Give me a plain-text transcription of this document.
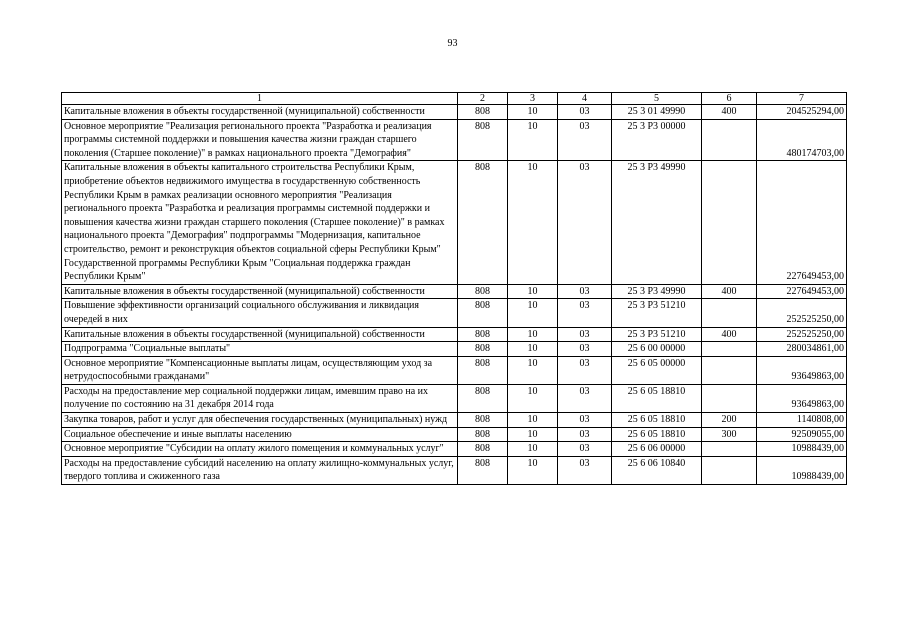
93
1	2	3	4	5	6	7
Капитальные вложения в объекты государственной (муниципальной) собственности	808	10	03	25 3 01 49990	400	204525294,00
Основное мероприятие "Реализация регионального проекта "Разработка и реализация программы системной поддержки и повышения качества жизни граждан старшего поколения (Старшее поколение)" в рамках национального проекта "Демография"	808	10	03	25 3 P3 00000		480174703,00
Капитальные вложения в объекты капитального строительства Республики Крым, приобретение объектов недвижимого имущества в государственную собственность Республики Крым в рамках реализации основного мероприятия "Реализация регионального проекта "Разработка и реализация программы системной поддержки и повышения качества жизни граждан старшего поколения (Старшее поколение)" в рамках национального проекта "Демография" подпрограммы "Модернизация, капитальное строительство, ремонт и реконструкция объектов социальной сферы Республики Крым" Государственной программы Республики Крым "Социальная поддержка граждан Республики Крым"	808	10	03	25 3 P3 49990		227649453,00
Капитальные вложения в объекты государственной (муниципальной) собственности	808	10	03	25 3 P3 49990	400	227649453,00
Повышение эффективности организаций социального обслуживания и ликвидация очередей в них	808	10	03	25 3 P3 51210		252525250,00
Капитальные вложения в объекты государственной (муниципальной) собственности	808	10	03	25 3 P3 51210	400	252525250,00
Подпрограмма "Социальные выплаты"	808	10	03	25 6 00 00000		280034861,00
Основное мероприятие "Компенсационные выплаты лицам, осуществляющим уход за нетрудоспособными гражданами"	808	10	03	25 6 05 00000		93649863,00
Расходы на предоставление мер социальной поддержки лицам, имевшим право на их получение по состоянию на 31 декабря 2014 года	808	10	03	25 6 05 18810		93649863,00
Закупка товаров, работ и услуг для обеспечения государственных (муниципальных) нужд	808	10	03	25 6 05 18810	200	1140808,00
Социальное обеспечение и иные выплаты населению	808	10	03	25 6 05 18810	300	92509055,00
Основное мероприятие "Субсидии на оплату жилого помещения и коммунальных услуг"	808	10	03	25 6 06 00000		10988439,00
Расходы на предоставление субсидий населению на оплату жилищно-коммунальных услуг, твердого топлива и сжиженного газа	808	10	03	25 6 06 10840		10988439,00
